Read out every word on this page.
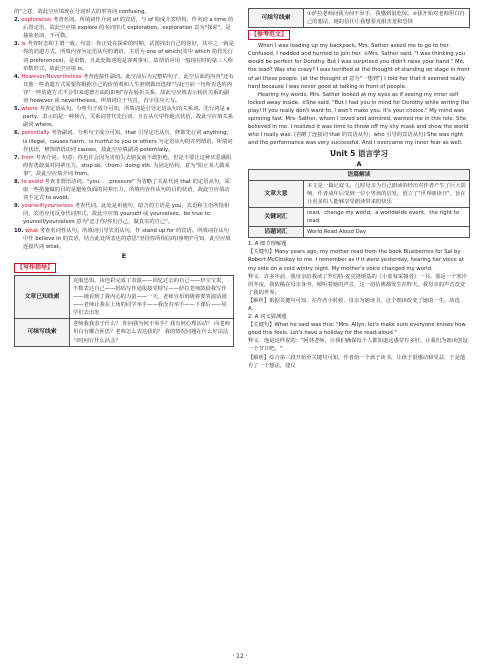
的"之意，故此空应填现在分词形式的形容词 confusing。

2. exploration 考查名词。所填词作介词 of 的宾语，与 of 构成介宾结构，作名词 a time 的后置定语，故此空应填 explore 的名词形式 exploration。exploration 意为"探索"，是抽象名词，不可数。

3. is 考查时态和主谓一致。句意：你正处在探索的时期，试图找出自己的喜好，其中之一就是你的消遣方式。所填内容为定语从句的谓语，主语为 one of which(其中 which 指代先行词 preferences)，是单数，且此处陈述的是客观事实，故谓语应用一般现在时的第三人称单数形式。故此空应填 is。

4. However/Nevertheless 考查连接性副词。此空前后为完整的句子，此空后面的内容"还有其他一些消遣方式需要你根据自己的价值观和人生准则做出选择"与此空前一句所表达的内容"一些消遣方式不会带来道德方面的影响"存在转折关系，故此空应填表示转折关系的副词 however 或 nevertheless。所填词位于句首，首字母应大写。

5. where 考查定语从句。分析句子成分可知，所填词是引导定语从句的关系词。先行词是 a party，表示的是一种场合，关系词替代先行词，且在从句中作地点状语，故此空应填关系副词 where。

6. potentially 考查副词。分析句子成分可知，that 引导定语从句，修饰先行词 anything，is illegal、causes harm、is hurtful to you or others 为定语从句的并列谓语。所填词作状语，修饰谓语动词 causes，故此空应填副词 potentially。

7. from 考查介词。句意：你也许会因为害怕失去朋友而不敢拒绝，但是不要让这种厌恶感阻碍你勇敢面对同辈压力。stop sb.（from）doing sth. 为固定结构，意为"阻止某人做某事"，故此空应填介词 from。

8. to avoid 考查非谓语动词。"you. . . pressure" 为省略了关系代词 that 的定语从句，采取一些措施做的目的是避免负面的同辈压力，所填内容作从句的目的状语，故此空应填动词不定式 to avoid。

9. yourself/yourselves 考查代词。此处是祈使句，暗含的主语是 you，宾语和主语所指相同，宾语应用反身代词形式，故此空应填 yourself 或 yourselves。be true to yourself/yourselves 意为"忠于你/你们自己，做真实的自己"。

10. what 考查名词性从句。所填词引导宾语从句，作 stand up for 的宾语。所填词在从句中作 believe in 的宾语，结合此处所表达的意思"坚持你所相信的(事物)"可知，此空应填连接代词 what。

E
【写作指导】
文章已知线索	克服恐惧，由色彩完成了表演——回忆过去的自己——珍宝宝贵，不数表达自己——妈妈写作通报接受特写——萨拉老师鼓励我写作——她看到了我内心的力量——一天，老师宣布班级将要表演话剧——老师让我在上角的同学举手——我没有举手——下课后——同学们去出发
可续写线索	老师我我表子什么？ 你问我为何不举手？我有何心理活动？ 向老师坦白有哪合匪思？老师怎么表达我的？ 我的情况问题在什么好法法与时间行什么活会？
可续写线索	①萨拉老师问我为何不举手，我感到很吃惊。②我开始对老师坦白自己的想法，她的信任让我想要克服害羞和恐惧
【参考范文】

When I was loading up my backpack, Mrs. Sather asked me to go to her. Confused, I nodded and hurried to join her. ①Mrs. Sather said, "I was thinking you would be perfect for Dorothy. But I was surprised you didn't raise your hand." Me, the lead? Was she crazy? I was terrified at the thought of standing on stage in front of all these people. (at the thought of 意为"一想到") I told her that it seemed really hard because I was never good at talking in front of people.

Hearing my words, Mrs. Sather looked at my eyes as if seeing my inner self locked away inside. ②She said, "But I had you in mind for Dorothy while writing the play! If you really don't want to, I won't make you. It's your choice." My mind was spinning fast. Mrs. Sather, whom I loved and admired, wanted me in this role. She believed in me. I realized it was time to throw off my shy mask and show the world who I really was. (省略了连接词 that 的宾语从句；who 引导的宾语从句) She was right and the performance was very successful. And I overcame my inner fear as well.

Unit 5 语言学习
A
语篇解读	
文章大意	本文是一篇记叙文。几时母亲为自己朗读的经历对作者产生了巨大影响，作者成年后受到一位小男孩的启发，创立了"世界朗读日"，旨在让更多的人能够享受朗读带来的快乐
关键词汇	read，change my world，a worldwide event，the right to read
话题词汇	World Read Aloud Day

1. A 细节理解题

【关键句】Many years ago, my mother read from the book Blueberries for Sal by Robert McCloskey to me. I remember as if it were yesterday, hearing her voice at my side on a cold wintry night. My mother's voice changed my world.

释义：许多年前，我母亲给我读了罗伯特·麦克洛斯基的《小蓝莓采摘者》一书。那是一个寒冷的冬夜，我依稀在母亲身旁，倾听着她的声音，这一切仿佛都发生在昨天。我母亲的声音改变了我的世界。

【解析】根据关键句可知，在作者小时候，母亲为她读书，这个朗读改变了她的一生。故选 A。

2. A 词义猜测题

【关键句】What he said was this: "Mrs. Allyn, let's make sure everyone knows how good this feels. Let's have a holiday for the read-aloud."

释义：他是这样说的："阿林老师，让我们确保每个人都知道这感觉有多好。让我们为朗读创设一个节日吧。"

【解析】综合第三段开始至关键句可知，作者给一个孩子读书，让孩子很感动和受益，于是他有了一个想法，建议

· 12 ·
